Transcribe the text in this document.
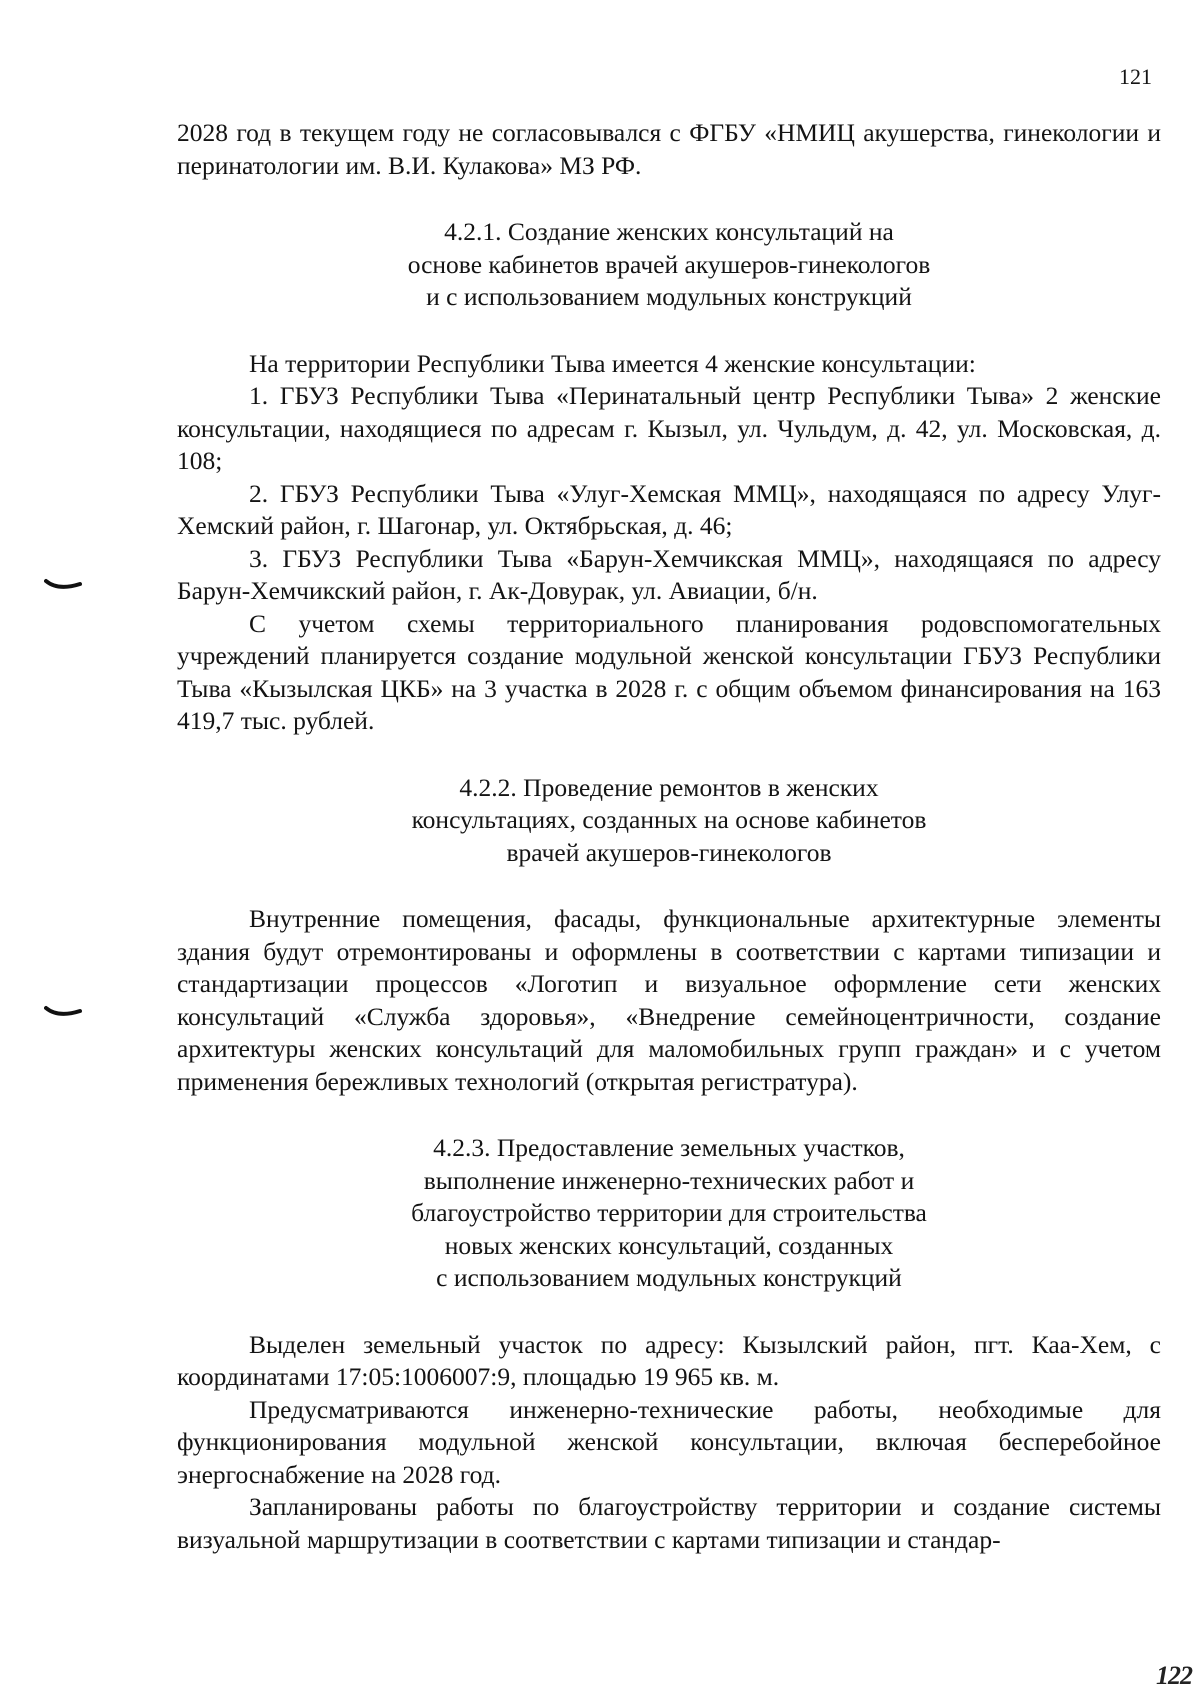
121

2028 год в текущем году не согласовывался с ФГБУ «НМИЦ акушерства, гинекологии и перинатологии им. В.И. Кулакова» МЗ РФ.

4.2.1. Создание женских консультаций на
основе кабинетов врачей акушеров-гинекологов
и с использованием модульных конструкций

На территории Республики Тыва имеется 4 женские консультации:

1. ГБУЗ Республики Тыва «Перинатальный центр Республики Тыва» 2 женские консультации, находящиеся по адресам г. Кызыл, ул. Чульдум, д. 42, ул. Московская, д. 108;

2. ГБУЗ Республики Тыва «Улуг-Хемская ММЦ», находящаяся по адресу Улуг-Хемский район, г. Шагонар, ул. Октябрьская, д. 46;

3. ГБУЗ Республики Тыва «Барун-Хемчикская ММЦ», находящаяся по адресу Барун-Хемчикский район, г. Ак-Довурак, ул. Авиации, б/н.

С учетом схемы территориального планирования родовспомогательных учреждений планируется создание модульной женской консультации ГБУЗ Республики Тыва «Кызылская ЦКБ» на 3 участка в 2028 г. с общим объемом финансирования на 163 419,7 тыс. рублей.

4.2.2. Проведение ремонтов в женских
консультациях, созданных на основе кабинетов
врачей акушеров-гинекологов

Внутренние помещения, фасады, функциональные архитектурные элементы здания будут отремонтированы и оформлены в соответствии с картами типизации и стандартизации процессов «Логотип и визуальное оформление сети женских консультаций «Служба здоровья», «Внедрение семейноцентричности, создание архитектуры женских консультаций для маломобильных групп граждан» и с учетом применения бережливых технологий (открытая регистратура).

4.2.3. Предоставление земельных участков,
выполнение инженерно-технических работ и
благоустройство территории для строительства
новых женских консультаций, созданных
с использованием модульных конструкций

Выделен земельный участок по адресу: Кызылский район, пгт. Каа-Хем, с координатами 17:05:1006007:9, площадью 19 965 кв. м.

Предусматриваются инженерно-технические работы, необходимые для функционирования модульной женской консультации, включая бесперебойное энергоснабжение на 2028 год.

Запланированы работы по благоустройству территории и создание системы визуальной маршрутизации в соответствии с картами типизации и стандар-

122
